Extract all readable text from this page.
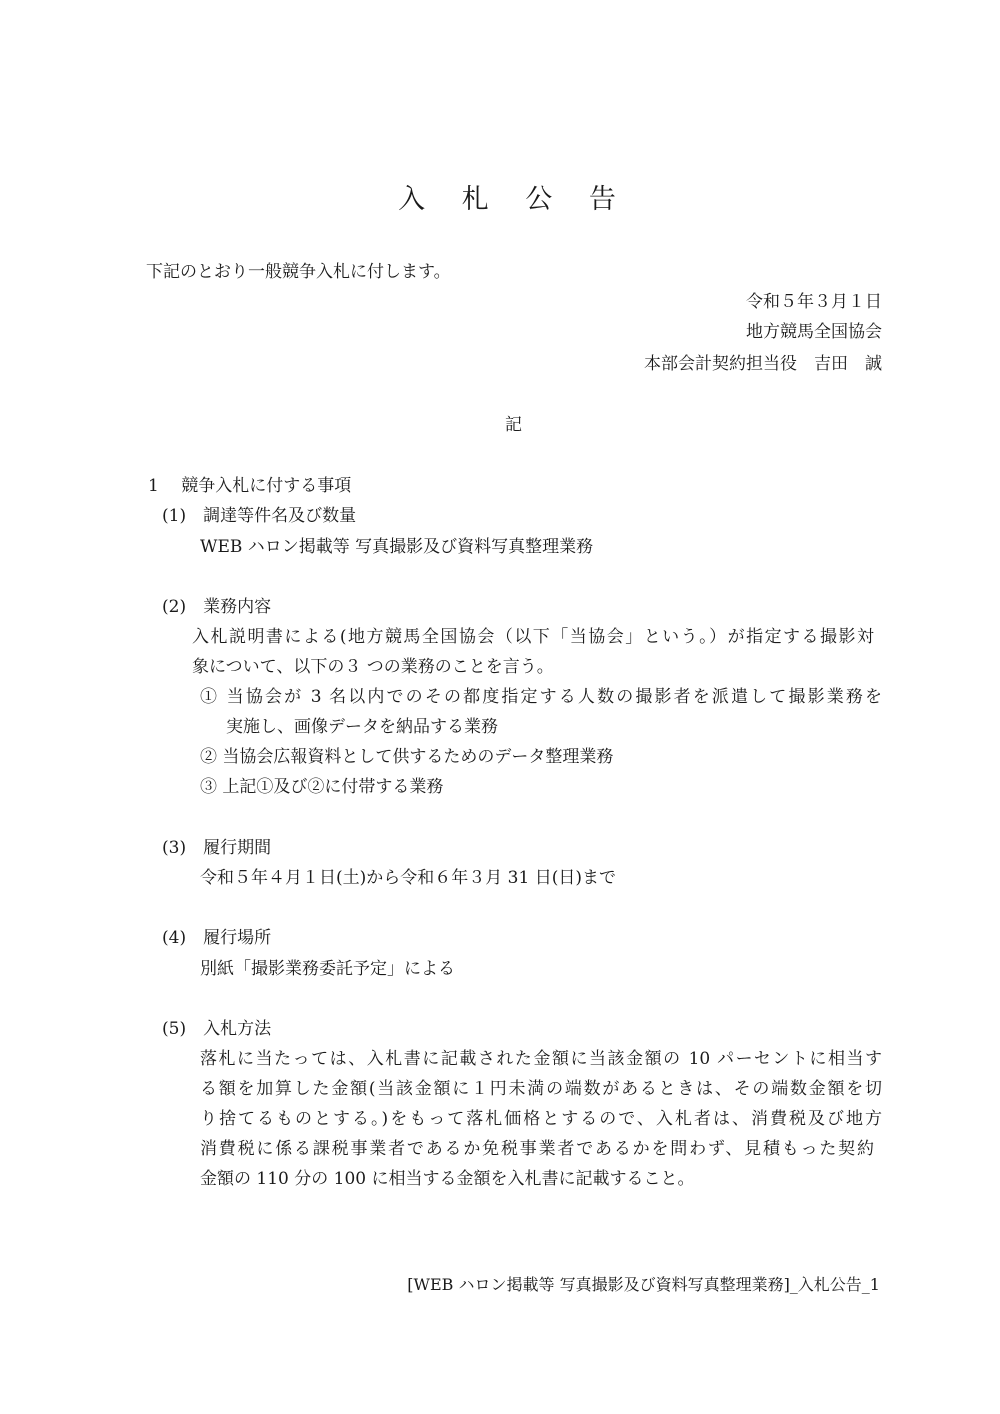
入 札 公 告
下記のとおり一般競争入札に付します。
令和５年３月１日
地方競馬全国協会
本部会計契約担当役　吉田　誠
記
1　 競争入札に付する事項
(1)　調達等件名及び数量
WEB ハロン掲載等 写真撮影及び資料写真整理業務
(2)　業務内容
入札説明書による(地方競馬全国協会（以下「当協会」という。）が指定する撮影対
象について、以下の３ つの業務のことを言う。
① 当協会が 3 名以内でのその都度指定する人数の撮影者を派遣して撮影業務を
実施し、画像データを納品する業務
② 当協会広報資料として供するためのデータ整理業務
③ 上記①及び②に付帯する業務
(3)　履行期間
令和５年４月１日(土)から令和６年３月 31 日(日)まで
(4)　履行場所
別紙「撮影業務委託予定」による
(5)　入札方法
落札に当たっては、入札書に記載された金額に当該金額の 10 パーセントに相当す
る額を加算した金額(当該金額に１円未満の端数があるときは、その端数金額を切
り捨てるものとする。)をもって落札価格とするので、入札者は、消費税及び地方
消費税に係る課税事業者であるか免税事業者であるかを問わず、見積もった契約
金額の 110 分の 100 に相当する金額を入札書に記載すること。
[WEB ハロン掲載等 写真撮影及び資料写真整理業務]_入札公告_1
